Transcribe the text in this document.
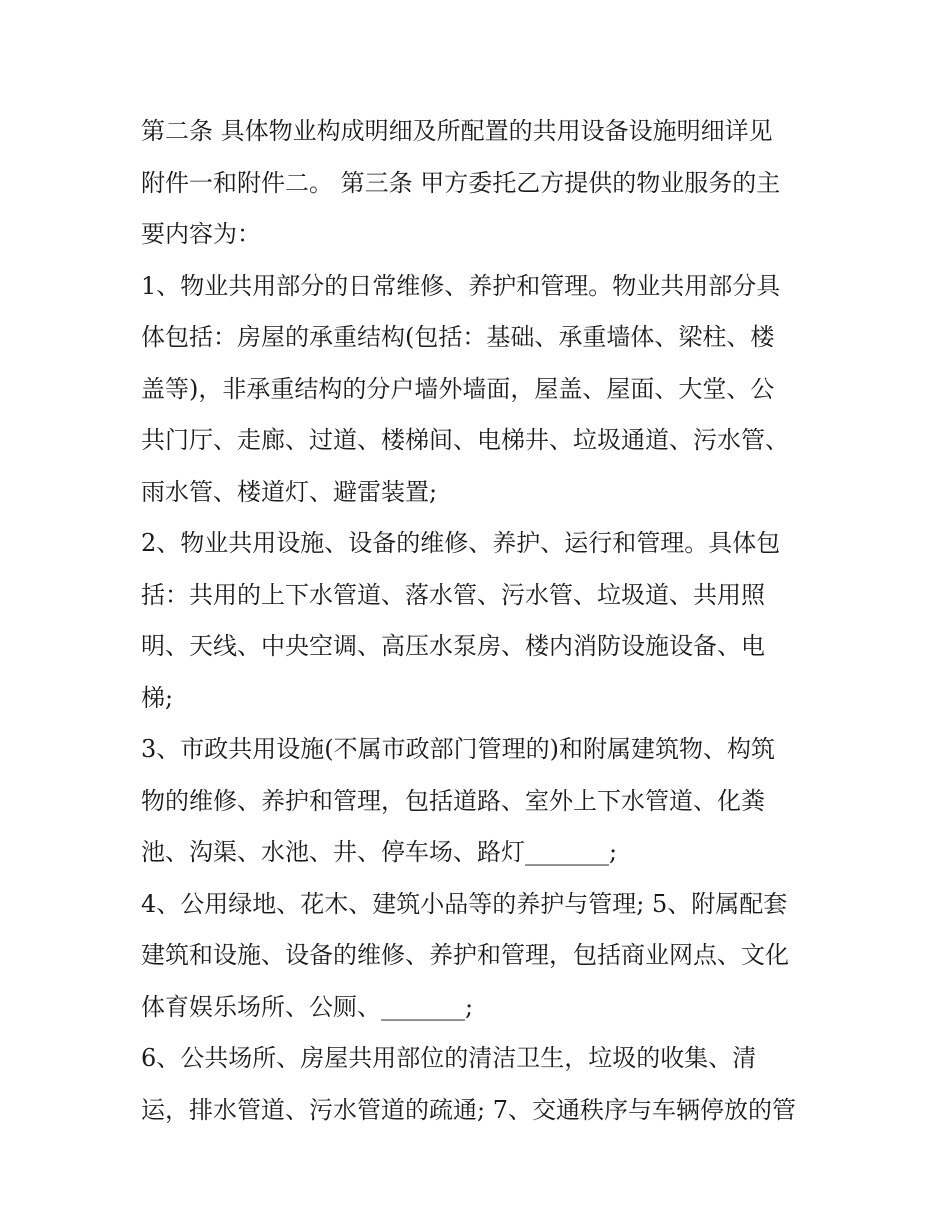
第二条 具体物业构成明细及所配置的共用设备设施明细详见
附件一和附件二。 第三条 甲方委托乙方提供的物业服务的主
要内容为：
1、物业共用部分的日常维修、养护和管理。物业共用部分具
体包括：房屋的承重结构(包括：基础、承重墙体、梁柱、楼
盖等)，非承重结构的分户墙外墙面，屋盖、屋面、大堂、公
共门厅、走廊、过道、楼梯间、电梯井、垃圾通道、污水管、
雨水管、楼道灯、避雷装置;
2、物业共用设施、设备的维修、养护、运行和管理。具体包
括：共用的上下水管道、落水管、污水管、垃圾道、共用照
明、天线、中央空调、高压水泵房、楼内消防设施设备、电
梯;
3、市政共用设施(不属市政部门管理的)和附属建筑物、构筑
物的维修、养护和管理，包括道路、室外上下水管道、化粪
池、沟渠、水池、井、停车场、路灯_______;
4、公用绿地、花木、建筑小品等的养护与管理; 5、附属配套
建筑和设施、设备的维修、养护和管理，包括商业网点、文化
体育娱乐场所、公厕、_______;
6、公共场所、房屋共用部位的清洁卫生，垃圾的收集、清
运，排水管道、污水管道的疏通; 7、交通秩序与车辆停放的管
